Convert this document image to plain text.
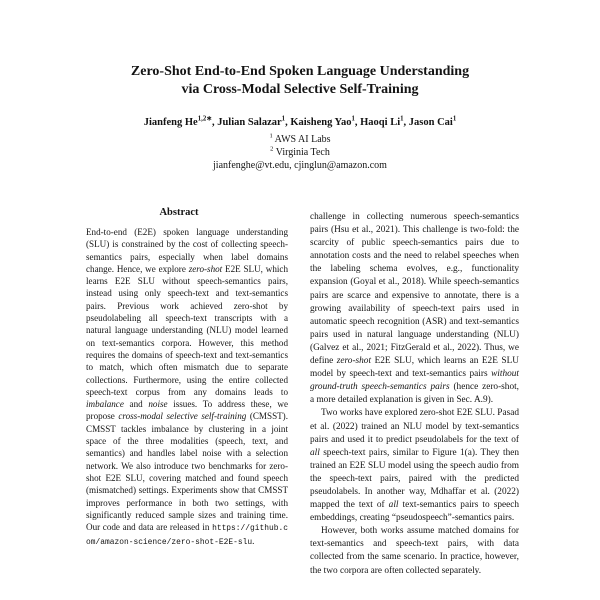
Zero-Shot End-to-End Spoken Language Understanding
via Cross-Modal Selective Self-Training
Jianfeng $He^{1,2∗}$, Julian Salazar$^1$, Kaisheng Yao$^1$, Haoqi Li$^1$, Jason Cai$^1$
$^1$ AWS AI Labs
$^2$ Virginia Tech
jianfenghe@vt.edu, cjinglun@amazon.com
Abstract
End-to-end (E2E) spoken language understanding (SLU) is constrained by the cost of collecting speech-semantics pairs, especially when label domains change. Hence, we explore zero-shot E2E SLU, which learns E2E SLU without speech-semantics pairs, instead using only speech-text and text-semantics pairs. Previous work achieved zero-shot by pseudolabeling all speech-text transcripts with a natural language understanding (NLU) model learned on text-semantics corpora. However, this method requires the domains of speech-text and text-semantics to match, which often mismatch due to separate collections. Furthermore, using the entire collected speech-text corpus from any domains leads to imbalance and noise issues. To address these, we propose cross-modal selective self-training (CMSST). CMSST tackles imbalance by clustering in a joint space of the three modalities (speech, text, and semantics) and handles label noise with a selection network. We also introduce two benchmarks for zero-shot E2E SLU, covering matched and found speech (mismatched) settings. Experiments show that CMSST improves performance in both two settings, with significantly reduced sample sizes and training time. Our code and data are released in https://github.com/amazon-science/zero-shot-E2E-slu.

challenge in collecting numerous speech-semantics pairs (Hsu et al., 2021). This challenge is two-fold: the scarcity of public speech-semantics pairs due to annotation costs and the need to relabel speeches when the labeling schema evolves, e.g., functionality expansion (Goyal et al., 2018). While speech-semantics pairs are scarce and expensive to annotate, there is a growing availability of speech-text pairs used in automatic speech recognition (ASR) and text-semantics pairs used in natural language understanding (NLU) (Galvez et al., 2021; FitzGerald et al., 2022). Thus, we define zero-shot E2E SLU, which learns an E2E SLU model by speech-text and text-semantics pairs without ground-truth speech-semantics pairs (hence zero-shot, a more detailed explanation is given in Sec. A.9).

Two works have explored zero-shot E2E SLU. Pasad et al. (2022) trained an NLU model by text-semantics pairs and used it to predict pseudolabels for the text of all speech-text pairs, similar to Figure 1(a). They then trained an E2E SLU model using the speech audio from the speech-text pairs, paired with the predicted pseudolabels. In another way, Mdhaffar et al. (2022) mapped the text of all text-semantics pairs to speech embeddings, creating “pseudospeech”-semantics pairs.

However, both works assume matched domains for text-semantics and speech-text pairs, with data collected from the same scenario. In practice, however, the two corpora are often collected separately.
